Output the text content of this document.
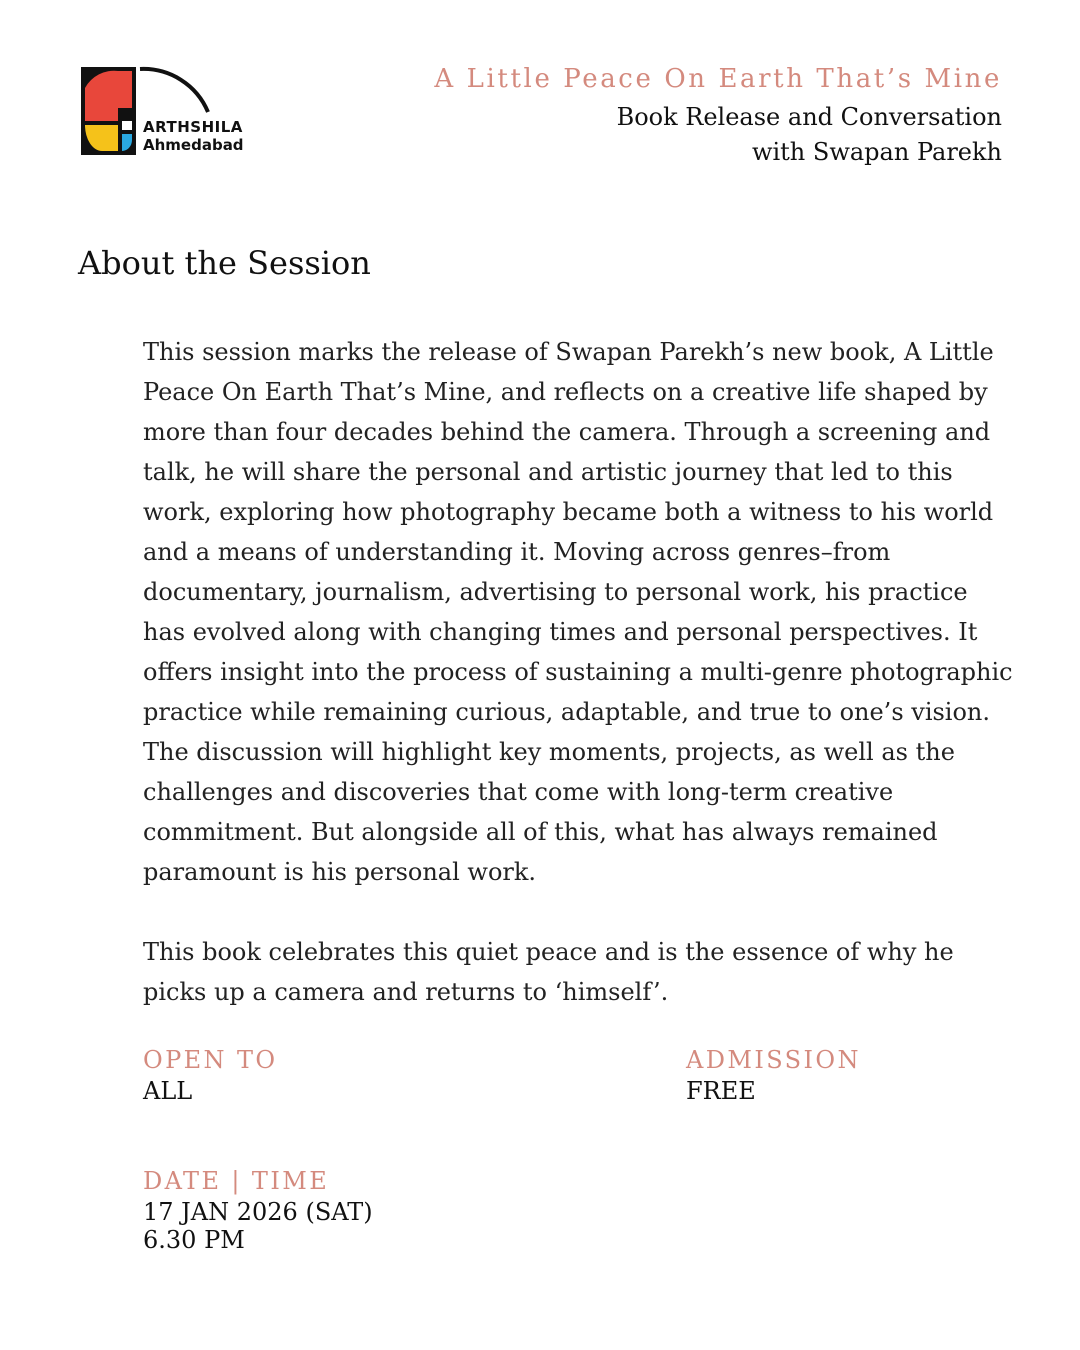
ARTHSHILA
Ahmedabad
A Little Peace On Earth That’s Mine
Book Release and Conversation
with Swapan Parekh
About the Session

This session marks the release of Swapan Parekh’s new book, A Little Peace On Earth That’s Mine, and reflects on a creative life shaped by more than four decades behind the camera. Through a screening and talk, he will share the personal and artistic journey that led to this work, exploring how photography became both a witness to his world and a means of understanding it. Moving across genres–from documentary, journalism, advertising to personal work, his practice has evolved along with changing times and personal perspectives. It offers insight into the process of sustaining a multi-genre photographic practice while remaining curious, adaptable, and true to one’s vision. The discussion will highlight key moments, projects, as well as the challenges and discoveries that come with long-term creative commitment. But alongside all of this, what has always remained paramount is his personal work.

This book celebrates this quiet peace and is the essence of why he picks up a camera and returns to ‘himself’.

OPEN TO
ALL
ADMISSION
FREE
DATE | TIME
17 JAN 2026 (SAT)
6.30 PM
